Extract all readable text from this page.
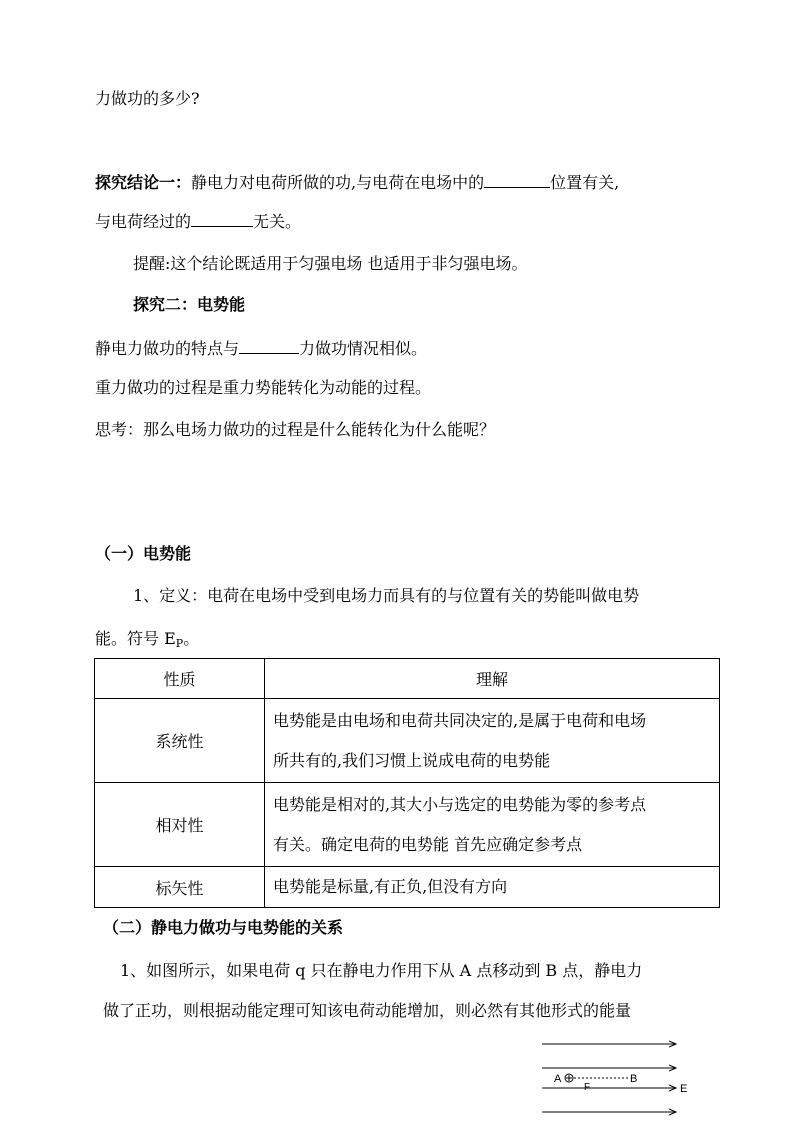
力做功的多少?
探究结论一：静电力对电荷所做的功,与电荷在电场中的	位置有关,
与电荷经过的	无关。
提醒:这个结论既适用于匀强电场 也适用于非匀强电场。
探究二：电势能
静电力做功的特点与	力做功情况相似。
重力做功的过程是重力势能转化为动能的过程。
思考：那么电场力做功的过程是什么能转化为什么能呢？
（一）电势能
1、定义：电荷在电场中受到电场力而具有的与位置有关的势能叫做电势
能。符号 $E_P$。
性质	理解
系统性	电势能是由电场和电荷共同决定的,是属于电荷和电场
所共有的,我们习惯上说成电荷的电势能

相对性	电势能是相对的,其大小与选定的电势能为零的参考点
有关。确定电荷的电势能 首先应确定参考点

标矢性	电势能是标量,有正负,但没有方向
（二）静电力做功与电势能的关系
1、如图所示，如果电荷 q 只在静电力作用下从 A 点移动到 B 点，静电力
做了正功，则根据动能定理可知该电荷动能增加，则必然有其他形式的能量
A	B
F	E
